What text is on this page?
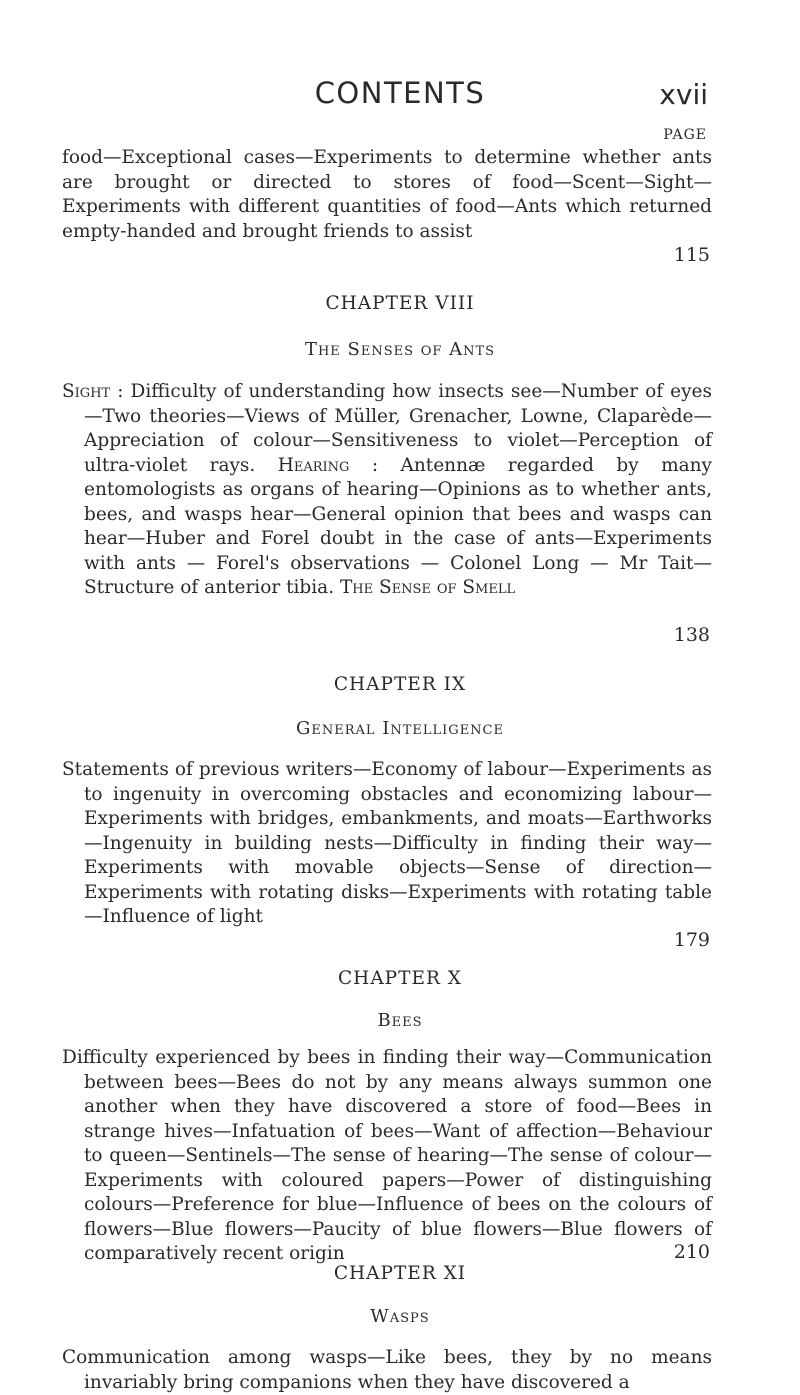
CONTENTS	xvii
PAGE
food—Exceptional cases—Experiments to determine whether ants are brought or directed to stores of food—Scent—Sight—Experiments with different quantities of food—Ants which returned empty-handed and brought friends to assist
115
CHAPTER VIII
The Senses of Ants
Sight : Difficulty of understanding how insects see—Number of eyes—Two theories—Views of Müller, Grenacher, Lowne, Claparède—Appreciation of colour—Sensitiveness to violet—Perception of ultra-violet rays. Hearing : Antennæ regarded by many entomologists as organs of hearing—Opinions as to whether ants, bees, and wasps hear—General opinion that bees and wasps can hear—Huber and Forel doubt in the case of ants—Experiments with ants — Forel's observations — Colonel Long — Mr Tait—Structure of anterior tibia. The Sense of Smell
138
CHAPTER IX
General Intelligence
Statements of previous writers—Economy of labour—Experiments as to ingenuity in overcoming obstacles and economizing labour—Experiments with bridges, embankments, and moats—Earthworks—Ingenuity in building nests—Difficulty in finding their way—Experiments with movable objects—Sense of direction—Experiments with rotating disks—Experiments with rotating table—Influence of light
179
CHAPTER X
Bees
Difficulty experienced by bees in finding their way—Communication between bees—Bees do not by any means always summon one another when they have discovered a store of food—Bees in strange hives—Infatuation of bees—Want of affection—Behaviour to queen—Sentinels—The sense of hearing—The sense of colour—Experiments with coloured papers—Power of distinguishing colours—Preference for blue—Influence of bees on the colours of flowers—Blue flowers—Paucity of blue flowers—Blue flowers of comparatively recent origin	210
CHAPTER XI
Wasps
Communication among wasps—Like bees, they by no means invariably bring companions when they have discovered a
